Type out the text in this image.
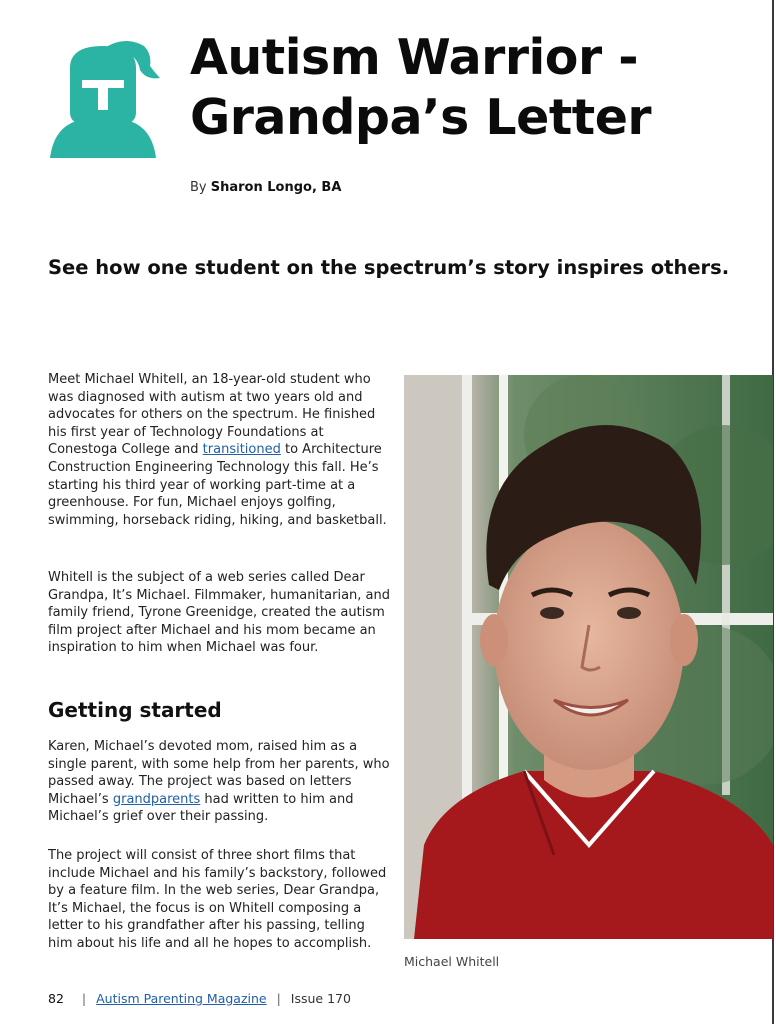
Autism Warrior -
Grandpa’s Letter
By Sharon Longo, BA
See how one student on the spectrum’s story inspires others.

Meet Michael Whitell, an 18-year-old student who was diagnosed with autism at two years old and advocates for others on the spectrum. He finished his first year of Technology Foundations at Conestoga College and transitioned to Architecture Construction Engineering Technology this fall. He’s starting his third year of working part-time at a greenhouse. For fun, Michael enjoys golfing, swimming, horseback riding, hiking, and basketball.

Whitell is the subject of a web series called Dear Grandpa, It’s Michael. Filmmaker, humanitarian, and family friend, Tyrone Greenidge, created the autism film project after Michael and his mom became an inspiration to him when Michael was four.

Getting started

Karen, Michael’s devoted mom, raised him as a single parent, with some help from her parents, who passed away. The project was based on letters Michael’s grandparents had written to him and Michael’s grief over their passing.

The project will consist of three short films that include Michael and his family’s backstory, followed by a feature film. In the web series, Dear Grandpa, It’s Michael, the focus is on Whitell composing a letter to his grandfather after his passing, telling him about his life and all he hopes to accomplish.

Michael Whitell
82 | Autism Parenting Magazine | Issue 170
